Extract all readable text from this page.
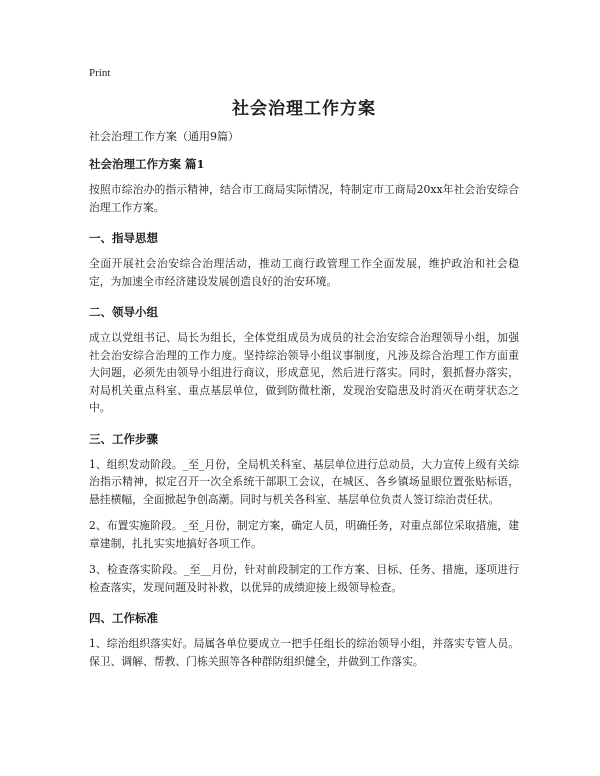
Print

社会治理工作方案

社会治理工作方案（通用9篇）

社会治理工作方案 篇1

按照市综治办的指示精神，结合市工商局实际情况，特制定市工商局20xx年社会治安综合治理工作方案。

一、指导思想

全面开展社会治安综合治理活动，推动工商行政管理工作全面发展，维护政治和社会稳定，为加速全市经济建设发展创造良好的治安环境。

二、领导小组

成立以党组书记、局长为组长，全体党组成员为成员的社会治安综合治理领导小组，加强社会治安综合治理的工作力度。坚持综治领导小组议事制度，凡涉及综合治理工作方面重大问题，必须先由领导小组进行商议，形成意见，然后进行落实。同时，狠抓督办落实，对局机关重点科室、重点基层单位，做到防微杜渐，发现治安隐患及时消灭在萌芽状态之中。

三、工作步骤

1、组织发动阶段。_至_月份，全局机关科室、基层单位进行总动员，大力宣传上级有关综治指示精神，拟定召开一次全系统干部职工会议，在城区、各乡镇场显眼位置张贴标语，悬挂横幅，全面掀起争创高潮。同时与机关各科室、基层单位负责人签订综治责任状。

2、布置实施阶段。_至_月份，制定方案，确定人员，明确任务，对重点部位采取措施，建章建制，扎扎实实地搞好各项工作。

3、检查落实阶段。_至__月份，针对前段制定的工作方案、目标、任务、措施，逐项进行检查落实，发现问题及时补救，以优异的成绩迎接上级领导检查。

四、工作标准

1、综治组织落实好。局属各单位要成立一把手任组长的综治领导小组，并落实专管人员。保卫、调解、帮教、门栋关照等各种群防组织健全，并做到工作落实。
